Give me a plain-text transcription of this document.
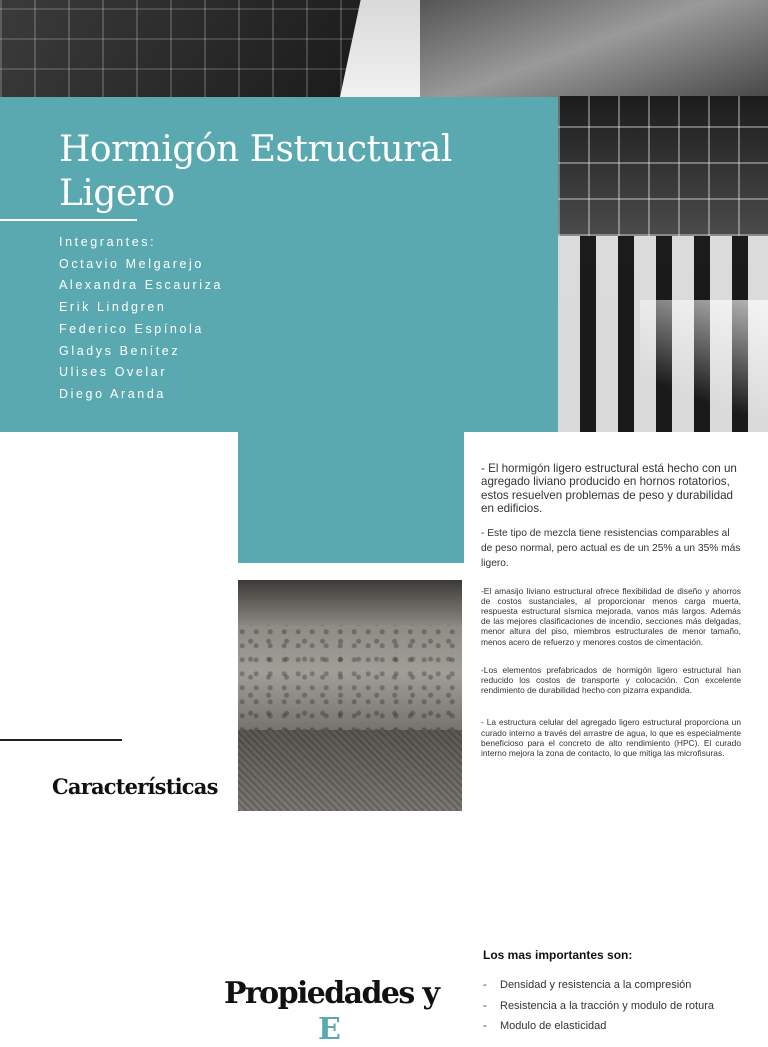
Hormigón Estructural Ligero
Integrantes:
Octavio Melgarejo
Alexandra Escauriza
Erik Lindgren
Federico Espínola
Gladys Benítez
Ulises Ovelar
Diego Aranda
Características

- El hormigón ligero estructural está hecho con un agregado liviano producido en hornos rotatorios, estos resuelven problemas de peso y durabilidad en edificios.

- Este tipo de mezcla tiene resistencias comparables al de peso normal, pero actual es de un 25% a un 35% más ligero.

-El amasijo liviano estructural ofrece flexibilidad de diseño y ahorros de costos sustanciales, al proporcionar menos carga muerta, respuesta estructural sísmica mejorada, vanos más largos. Además de las mejores clasificaciones de incendio, secciones más delgadas, menor altura del piso, miembros estructurales de menor tamaño, menos acero de refuerzo y menores costos de cimentación.

-Los elementos prefabricados de hormigón ligero estructural han reducido los costos de transporte y colocación. Con excelente rendimiento de durabilidad hecho con pizarra expandida.

- La estructura celular del agregado ligero estructural proporciona un curado interno a través del arrastre de agua, lo que es especialmente beneficioso para el concreto de alto rendimiento (HPC). El curado interno mejora la zona de contacto, lo que mitiga las microfisuras.

Propiedades y
E

Los mas importantes son:

- Densidad y resistencia a la compresión
- Resistencia a la tracción y modulo de rotura
- Modulo de elasticidad
